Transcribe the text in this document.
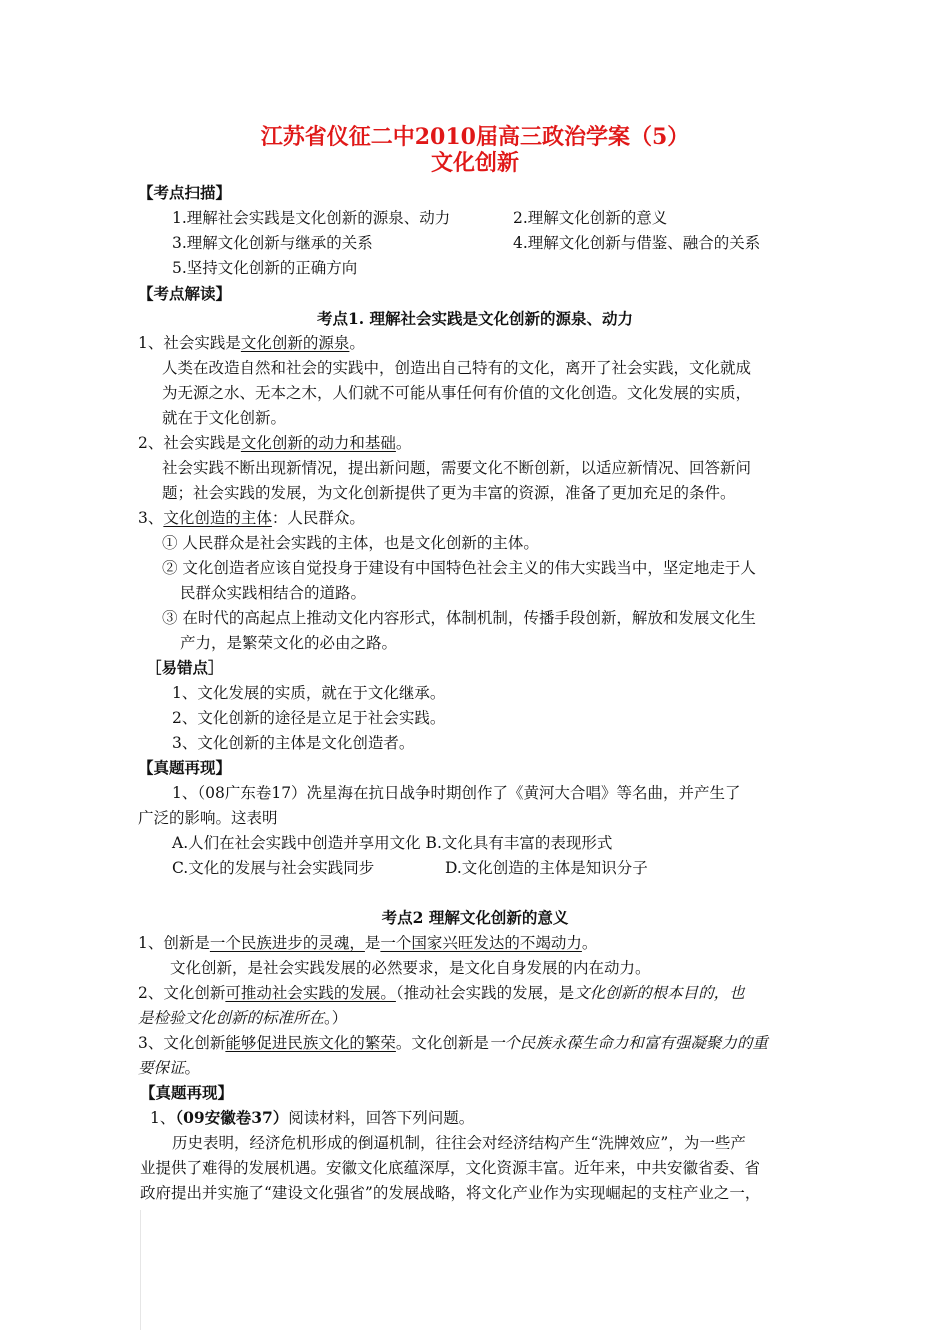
江苏省仪征二中2010届高三政治学案（5）
文化创新
【考点扫描】
1.理解社会实践是文化创新的源泉、动力	2.理解文化创新的意义
3.理解文化创新与继承的关系	4.理解文化创新与借鉴、融合的关系
5.坚持文化创新的正确方向
【考点解读】
考点1. 理解社会实践是文化创新的源泉、动力
1、社会实践是文化创新的源泉。
人类在改造自然和社会的实践中，创造出自己特有的文化，离开了社会实践，文化就成
为无源之水、无本之木，人们就不可能从事任何有价值的文化创造。文化发展的实质，
就在于文化创新。
2、社会实践是文化创新的动力和基础。
社会实践不断出现新情况，提出新问题，需要文化不断创新，以适应新情况、回答新问
题；社会实践的发展，为文化创新提供了更为丰富的资源，准备了更加充足的条件。
3、文化创造的主体：人民群众。
① 人民群众是社会实践的主体，也是文化创新的主体。
② 文化创造者应该自觉投身于建设有中国特色社会主义的伟大实践当中，坚定地走于人
民群众实践相结合的道路。
③ 在时代的高起点上推动文化内容形式，体制机制，传播手段创新，解放和发展文化生
产力，是繁荣文化的必由之路。
［易错点］
1、文化发展的实质，就在于文化继承。
2、文化创新的途径是立足于社会实践。
3、文化创新的主体是文化创造者。
【真题再现】
1、（08广东卷17）冼星海在抗日战争时期创作了《黄河大合唱》等名曲，并产生了
广泛的影响。这表明
A.人们在社会实践中创造并享用文化 B.文化具有丰富的表现形式
C.文化的发展与社会实践同步	D.文化创造的主体是知识分子
考点2 理解文化创新的意义
1、创新是一个民族进步的灵魂，是一个国家兴旺发达的不竭动力。
文化创新，是社会实践发展的必然要求，是文化自身发展的内在动力。
2、文化创新可推动社会实践的发展。（推动社会实践的发展，是文化创新的根本目的，也
是检验文化创新的标准所在。）
3、文化创新能够促进民族文化的繁荣。文化创新是一个民族永葆生命力和富有强凝聚力的重
要保证。
【真题再现】
1、（09安徽卷37）阅读材料，回答下列问题。
历史表明，经济危机形成的倒逼机制，往往会对经济结构产生“洗牌效应”，为一些产
业提供了难得的发展机遇。安徽文化底蕴深厚，文化资源丰富。近年来，中共安徽省委、省
政府提出并实施了“建设文化强省”的发展战略，将文化产业作为实现崛起的支柱产业之一，
